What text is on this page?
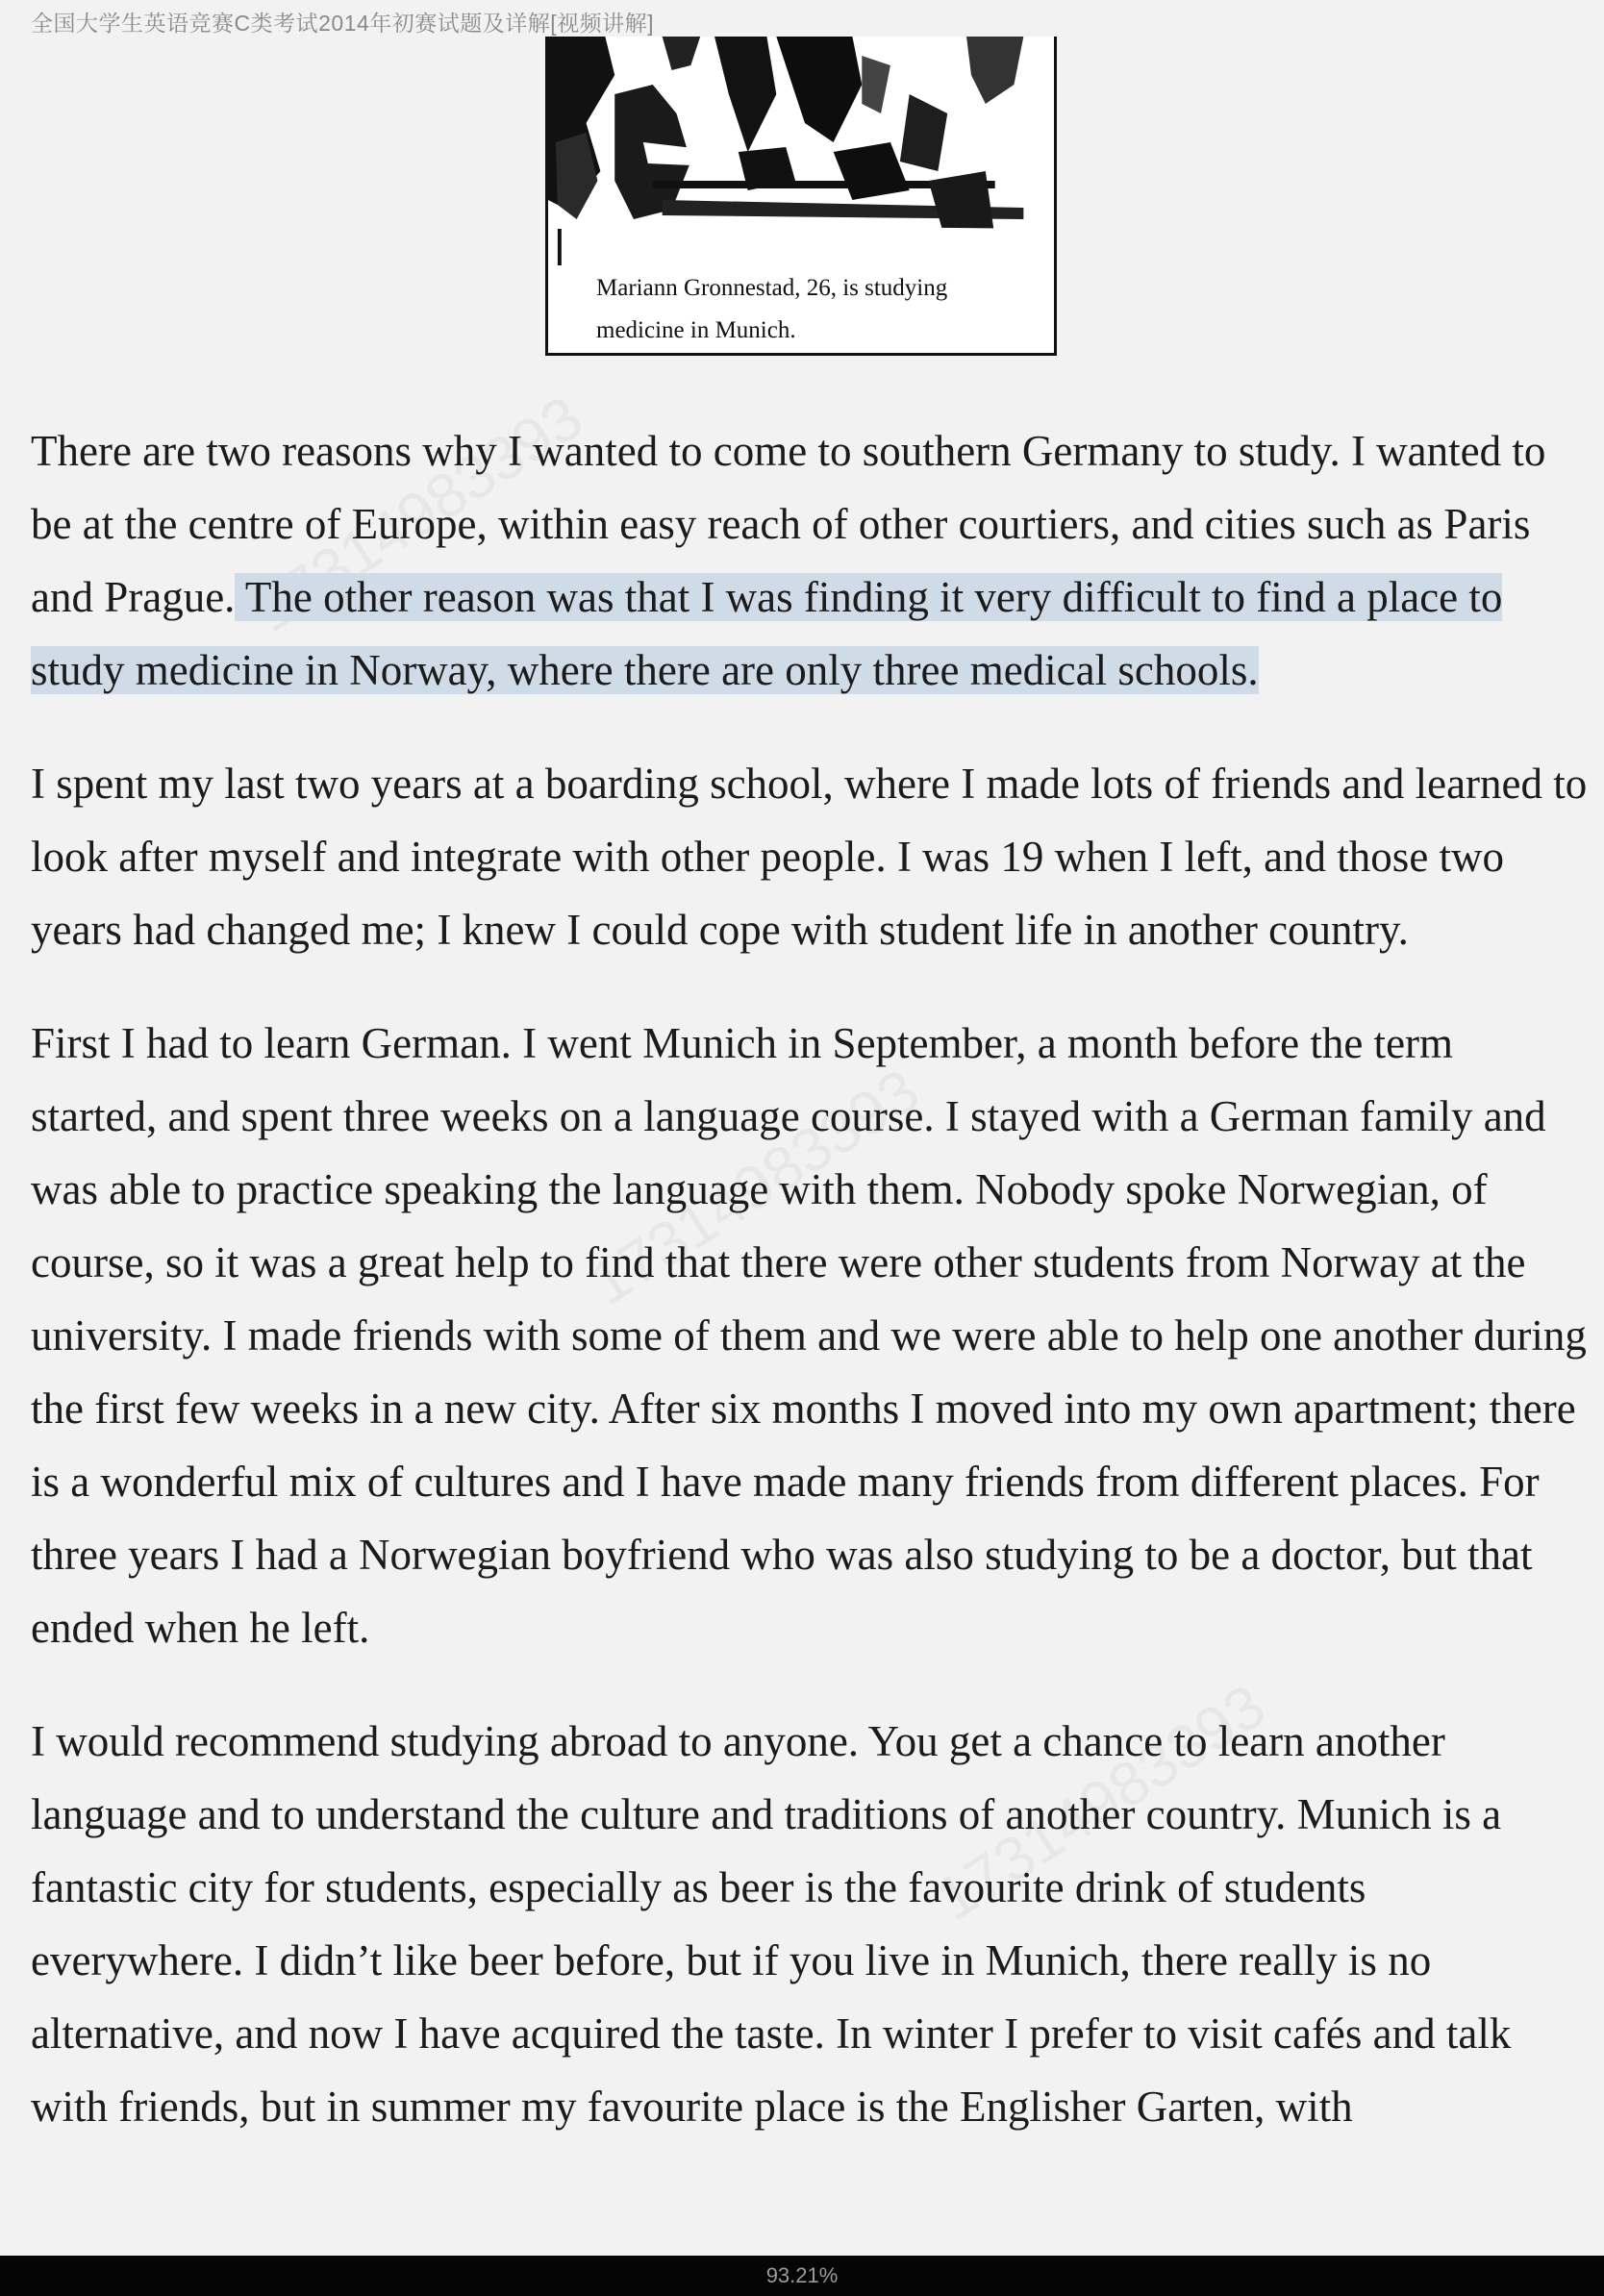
全国大学生英语竞赛C类考试2014年初赛试题及详解[视频讲解]
Mariann Gronnestad, 26, is studying
medicine in Munich.

There are two reasons why I wanted to come to southern Germany to study. I wanted to be at the centre of Europe, within easy reach of other courtiers, and cities such as Paris and Prague. The other reason was that I was finding it very difficult to find a place to study medicine in Norway, where there are only three medical schools.

I spent my last two years at a boarding school, where I made lots of friends and learned to look after myself and integrate with other people. I was 19 when I left, and those two years had changed me; I knew I could cope with student life in another country.

First I had to learn German. I went Munich in September, a month before the term started, and spent three weeks on a language course. I stayed with a German family and was able to practice speaking the language with them. Nobody spoke Norwegian, of course, so it was a great help to find that there were other students from Norway at the university. I made friends with some of them and we were able to help one another during the first few weeks in a new city. After six months I moved into my own apartment; there is a wonderful mix of cultures and I have made many friends from different places. For three years I had a Norwegian boyfriend who was also studying to be a doctor, but that ended when he left.

I would recommend studying abroad to anyone. You get a chance to learn another language and to understand the culture and traditions of another country. Munich is a fantastic city for students, especially as beer is the favourite drink of students everywhere. I didn’t like beer before, but if you live in Munich, there really is no alternative, and now I have acquired the taste. In winter I prefer to visit cafés and talk with friends, but in summer my favourite place is the Englisher Garten, with

93.21%
